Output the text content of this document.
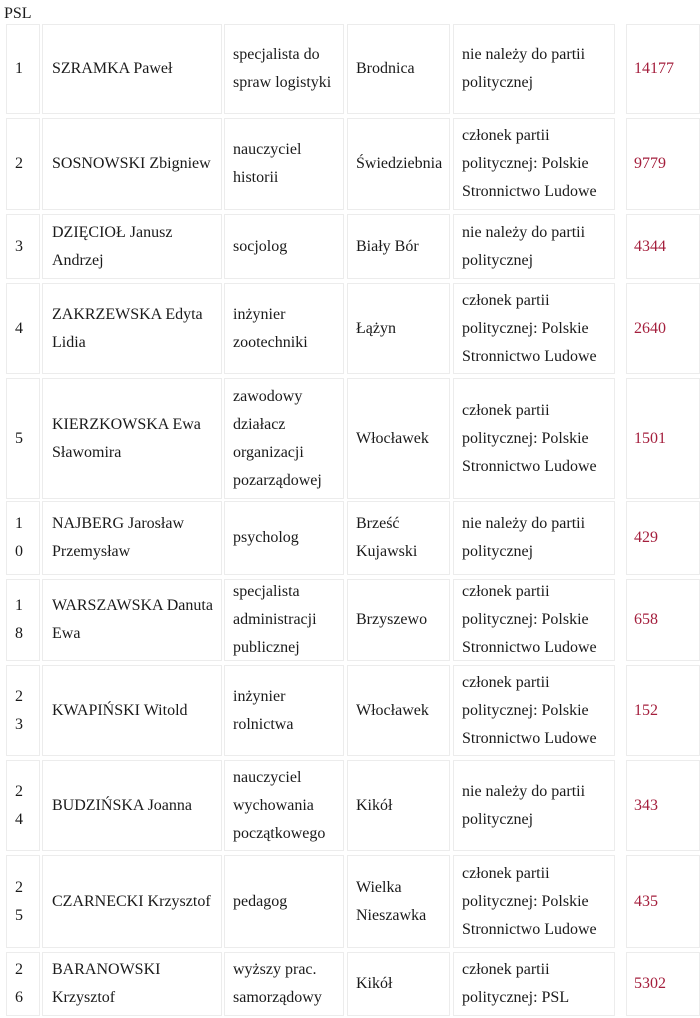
PSL
1 SZRAMKA Paweł
specjalista do spraw logistyki
Brodnica
nie należy do partii politycznej
14177
2 SOSNOWSKI Zbigniew
nauczyciel historii
Świedziebnia
członek partii politycznej: Polskie Stronnictwo Ludowe
9779
3
DZIĘCIOŁ Janusz Andrzej
socjolog	Biały Bór
nie należy do partii politycznej
4344
4
ZAKRZEWSKA Edyta Lidia
inżynier zootechniki
Łążyn
członek partii politycznej: Polskie Stronnictwo Ludowe
2640
5
KIERZKOWSKA Ewa Sławomira
zawodowy działacz organizacji pozarządowej
Włocławek
członek partii politycznej: Polskie Stronnictwo Ludowe
1501
10
NAJBERG Jarosław Przemysław
psycholog
Brześć Kujawski
nie należy do partii politycznej
429
18
WARSZAWSKA Danuta Ewa
specjalista administracji publicznej
Brzyszewo
członek partii politycznej: Polskie Stronnictwo Ludowe
658
23
KWAPIŃSKI Witold
inżynier rolnictwa
Włocławek
członek partii politycznej: Polskie Stronnictwo Ludowe
152
24
BUDZIŃSKA Joanna
nauczyciel wychowania początkowego
Kikół
nie należy do partii politycznej
343
25
CZARNECKI Krzysztof pedagog
Wielka Nieszawka
członek partii politycznej: Polskie Stronnictwo Ludowe
435
26
BARANOWSKI Krzysztof
wyższy prac. samorządowy
Kikół
członek partii politycznej: PSL
5302
